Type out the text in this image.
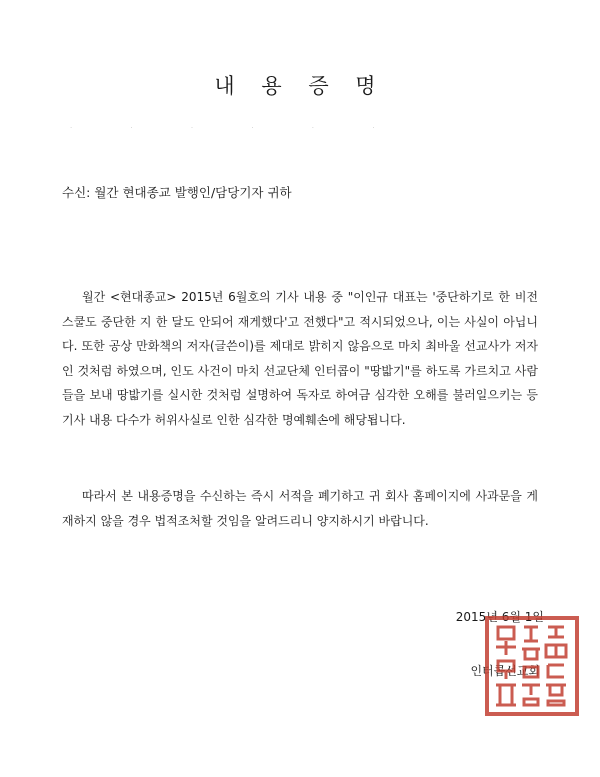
내 용 증 명
· · · · · ·
수신: 월간 현대종교 발행인/담당기자 귀하

월간 <현대종교> 2015년 6월호의 기사 내용 중 "이인규 대표는 '중단하기로 한 비전스쿨도 중단한 지 한 달도 안되어 재게했다'고 전했다"고 적시되었으나, 이는 사실이 아닙니다. 또한 공상 만화책의 저자(글쓴이)를 제대로 밝히지 않음으로 마치 최바울 선교사가 저자인 것처럼 하였으며, 인도 사건이 마치 선교단체 인터콥이 "땅밟기"를 하도록 가르치고 사람들을 보내 땅밟기를 실시한 것처럼 설명하여 독자로 하여금 심각한 오해를 불러일으키는 등 기사 내용 다수가 허위사실로 인한 심각한 명예훼손에 해당됩니다.

따라서 본 내용증명을 수신하는 즉시 서적을 폐기하고 귀 회사 홈페이지에 사과문을 게재하지 않을 경우 법적조처할 것임을 알려드리니 양지하시기 바랍니다.

2015년 6월 1일
인터콥선교회
